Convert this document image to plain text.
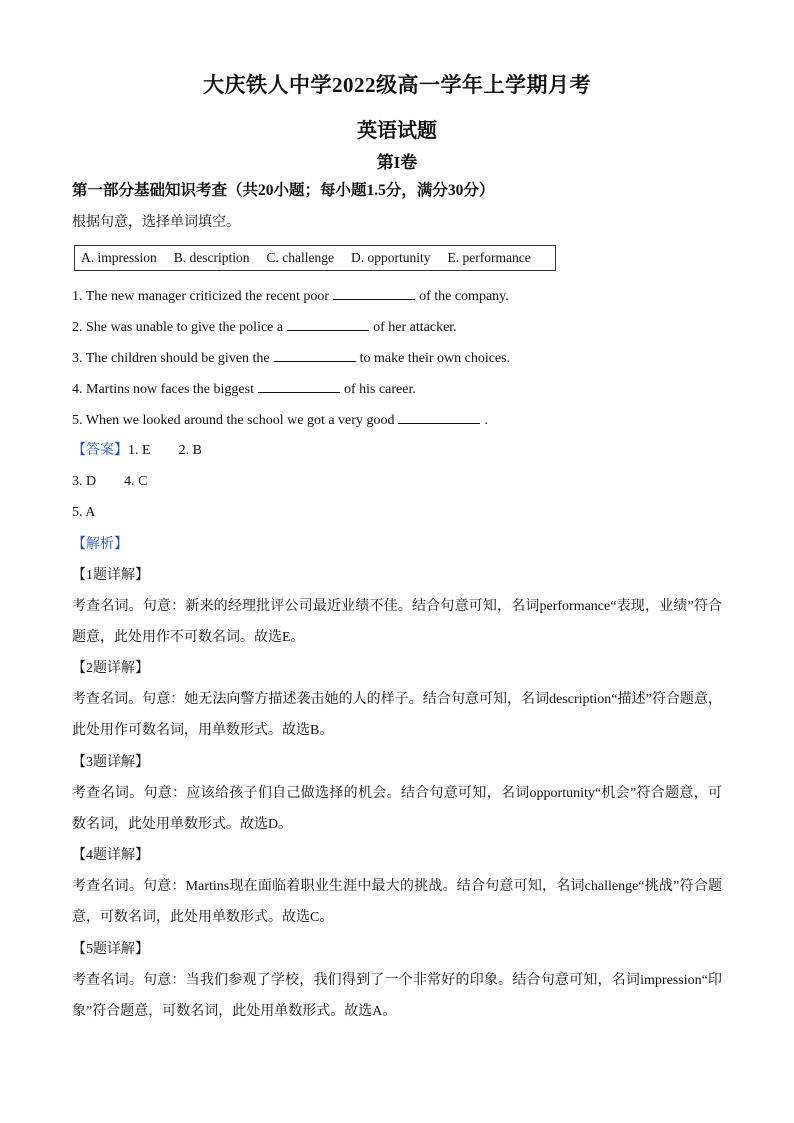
大庆铁人中学2022级高一学年上学期月考
英语试题
第I卷
第一部分基础知识考查（共20小题；每小题1.5分，满分30分）
根据句意，选择单词填空。
A. impression B. description C. challenge D. opportunity E. performance
1. The new manager criticized the recent poor	of the company.
2. She was unable to give the police a	of her attacker.
3. The children should be given the	to make their own choices.
4. Martins now faces the biggest	of his career.
5. When we looked around the school we got a very good	.
【答案】1. E 2. B
3. D 4. C
5. A
【解析】
【1题详解】
考查名词。句意：新来的经理批评公司最近业绩不佳。结合句意可知，名词performance“表现，业绩”符合题意，此处用作不可数名词。故选E。
【2题详解】
考查名词。句意：她无法向警方描述袭击她的人的样子。结合句意可知，名词description“描述”符合题意，此处用作可数名词，用单数形式。故选B。
【3题详解】
考查名词。句意：应该给孩子们自己做选择的机会。结合句意可知，名词opportunity“机会”符合题意，可数名词，此处用单数形式。故选D。
【4题详解】
考查名词。句意：Martins现在面临着职业生涯中最大的挑战。结合句意可知，名词challenge“挑战”符合题意，可数名词，此处用单数形式。故选C。
【5题详解】
考查名词。句意：当我们参观了学校，我们得到了一个非常好的印象。结合句意可知，名词impression“印象”符合题意，可数名词，此处用单数形式。故选A。
